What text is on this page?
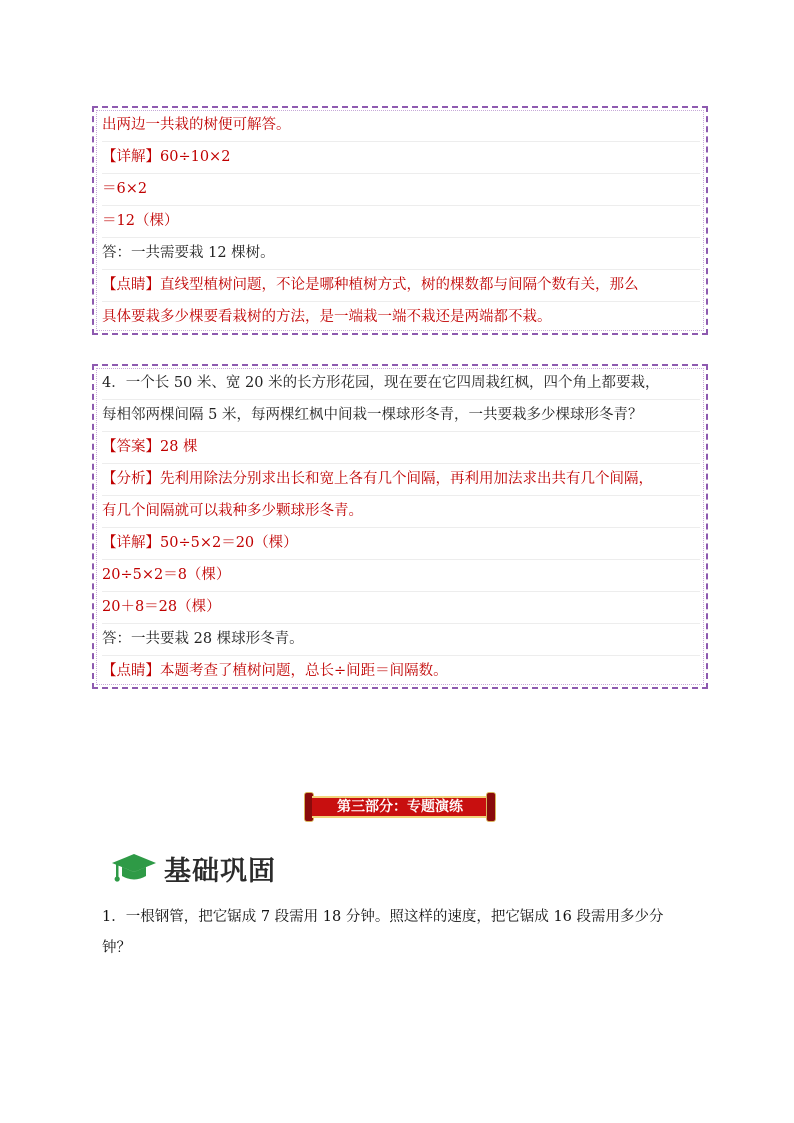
出两边一共栽的树便可解答。
【详解】60÷10×2
＝6×2
＝12（棵）
答：一共需要栽 12 棵树。
【点睛】直线型植树问题，不论是哪种植树方式，树的棵数都与间隔个数有关，那么
具体要栽多少棵要看栽树的方法，是一端栽一端不栽还是两端都不栽。
4．一个长 50 米、宽 20 米的长方形花园，现在要在它四周栽红枫，四个角上都要栽，
每相邻两棵间隔 5 米，每两棵红枫中间栽一棵球形冬青，一共要栽多少棵球形冬青？
【答案】28 棵
【分析】先利用除法分别求出长和宽上各有几个间隔，再利用加法求出共有几个间隔，
有几个间隔就可以栽种多少颗球形冬青。
【详解】50÷5×2＝20（棵）
20÷5×2＝8（棵）
20＋8＝28（棵）
答：一共要栽 28 棵球形冬青。
【点睛】本题考查了植树问题，总长÷间距＝间隔数。
第三部分：专题演练
基础巩固
1．一根钢管，把它锯成 7 段需用 18 分钟。照这样的速度，把它锯成 16 段需用多少分
钟？
